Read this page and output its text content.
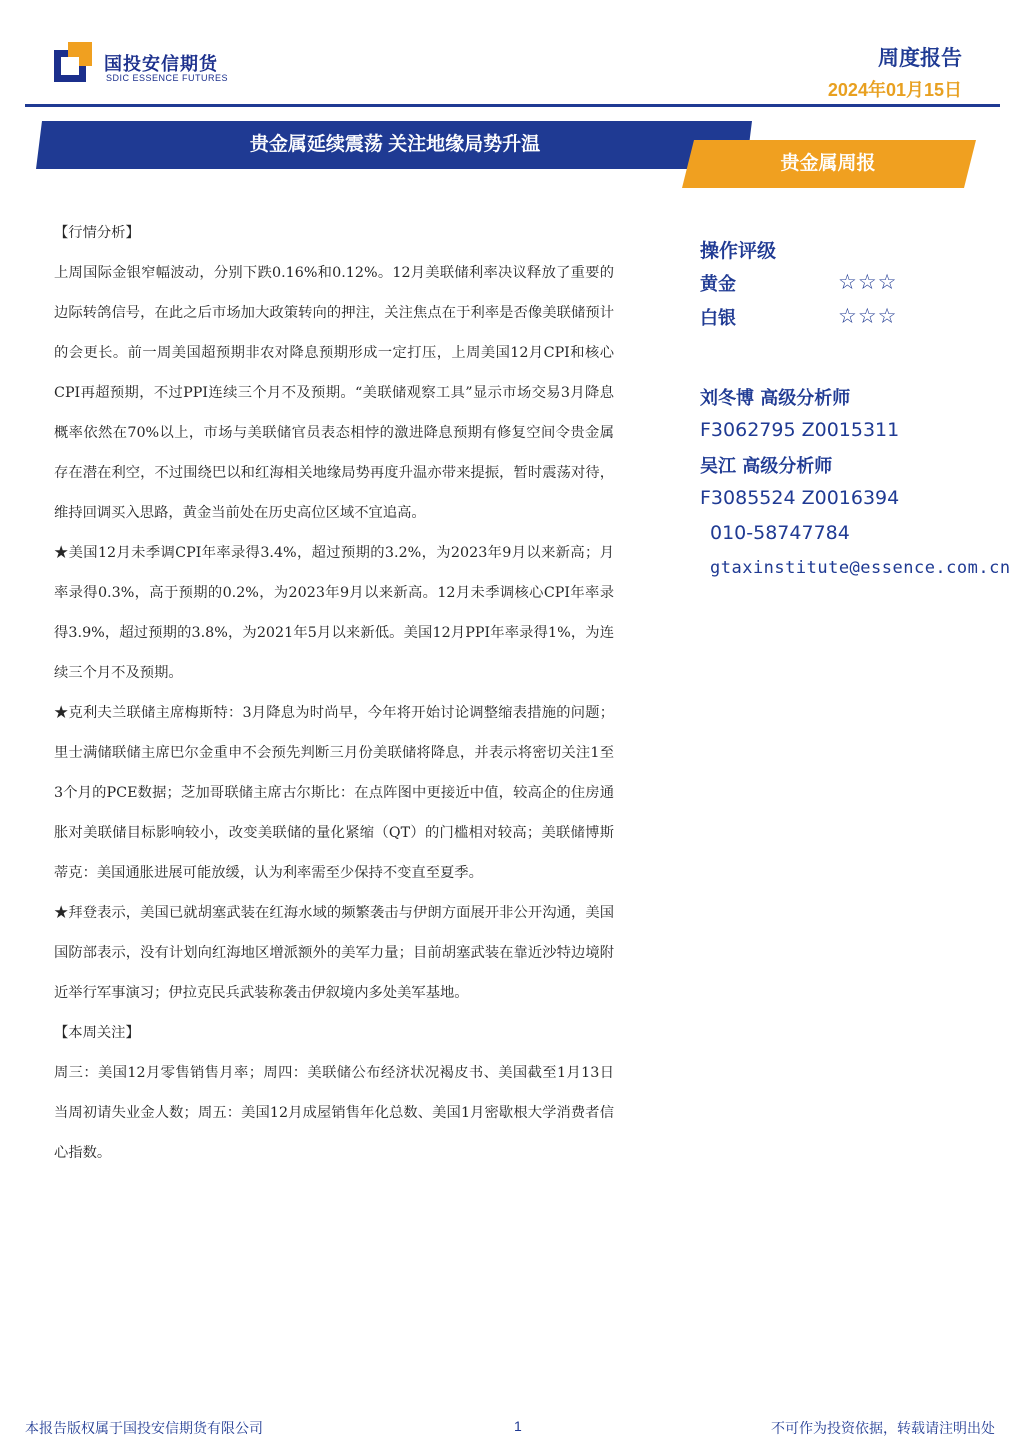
国投安信期货
SDIC ESSENCE FUTURES
周度报告
2024年01月15日
贵金属延续震荡 关注地缘局势升温
贵金属周报

【行情分析】

上周国际金银窄幅波动，分别下跌0.16%和0.12%。12月美联储利率决议释放了重要的边际转鸽信号，在此之后市场加大政策转向的押注，关注焦点在于利率是否像美联储预计的会更长。前一周美国超预期非农对降息预期形成一定打压，上周美国12月CPI和核心CPI再超预期，不过PPI连续三个月不及预期。“美联储观察工具”显示市场交易3月降息概率依然在70%以上，市场与美联储官员表态相悖的激进降息预期有修复空间令贵金属存在潜在利空，不过围绕巴以和红海相关地缘局势再度升温亦带来提振，暂时震荡对待，维持回调买入思路，黄金当前处在历史高位区域不宜追高。

★美国12月未季调CPI年率录得3.4%，超过预期的3.2%，为2023年9月以来新高；月率录得0.3%，高于预期的0.2%，为2023年9月以来新高。12月未季调核心CPI年率录得3.9%，超过预期的3.8%，为2021年5月以来新低。美国12月PPI年率录得1%，为连续三个月不及预期。

★克利夫兰联储主席梅斯特：3月降息为时尚早，今年将开始讨论调整缩表措施的问题；里士满储联储主席巴尔金重申不会预先判断三月份美联储将降息，并表示将密切关注1至3个月的PCE数据；芝加哥联储主席古尔斯比：在点阵图中更接近中值，较高企的住房通胀对美联储目标影响较小，改变美联储的量化紧缩（QT）的门槛相对较高；美联储博斯蒂克：美国通胀进展可能放缓，认为利率需至少保持不变直至夏季。

★拜登表示，美国已就胡塞武装在红海水域的频繁袭击与伊朗方面展开非公开沟通，美国国防部表示，没有计划向红海地区增派额外的美军力量；目前胡塞武装在靠近沙特边境附近举行军事演习；伊拉克民兵武装称袭击伊叙境内多处美军基地。

【本周关注】

周三：美国12月零售销售月率；周四：美联储公布经济状况褐皮书、美国截至1月13日当周初请失业金人数；周五：美国12月成屋销售年化总数、美国1月密歇根大学消费者信心指数。

操作评级
黄金	☆☆☆
白银	☆☆☆
刘冬博 高级分析师
F3062795 Z0015311
吴江 高级分析师
F3085524 Z0016394
010-58747784
gtaxinstitute@essence.com.cn
本报告版权属于国投安信期货有限公司	1	不可作为投资依据，转载请注明出处
